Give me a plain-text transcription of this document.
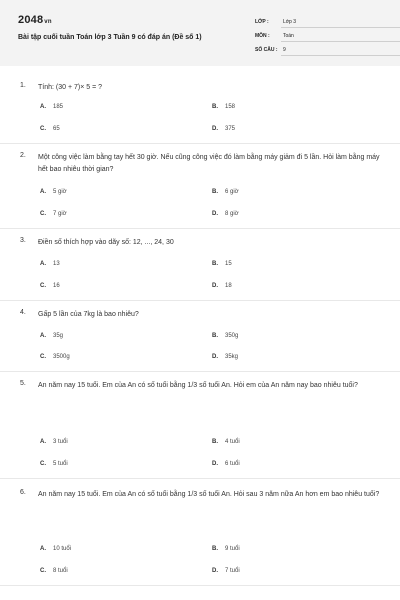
2048vn
Bài tập cuối tuần Toán lớp 3 Tuần 9 có đáp án (Đề số 1)
LỚP :	Lớp 3
MÔN :	Toán
SỐ CÂU : 9
1.	Tính: (30 + 7)× 5 = ?
A. 185	B. 158
C. 65	D. 375
2.	Một công việc làm bằng tay hết 30 giờ. Nếu cũng công việc đó làm bằng máy giảm đi 5 lần. Hỏi làm bằng máy hết bao nhiêu thời gian?
A. 5 giờ	B. 6 giờ
C. 7 giờ	D. 8 giờ
3.	Điền số thích hợp vào dãy số: 12, ..., 24, 30
A. 13	B. 15
C. 16	D. 18
4.	Gấp 5 lần của 7kg là bao nhiêu?
A. 35g	B. 350g
C. 3500g	D. 35kg
5.	An năm nay 15 tuổi. Em của An có số tuổi bằng 1/3 số tuổi An. Hỏi em của An năm nay bao nhiêu tuổi?
A. 3 tuổi	B. 4 tuổi
C. 5 tuổi	D. 6 tuổi
6.	An năm nay 15 tuổi. Em của An có số tuổi bằng 1/3 số tuổi An. Hỏi sau 3 năm nữa An hơn em bao nhiêu tuổi?
A. 10 tuổi	B. 9 tuổi
C. 8 tuổi	D. 7 tuổi
